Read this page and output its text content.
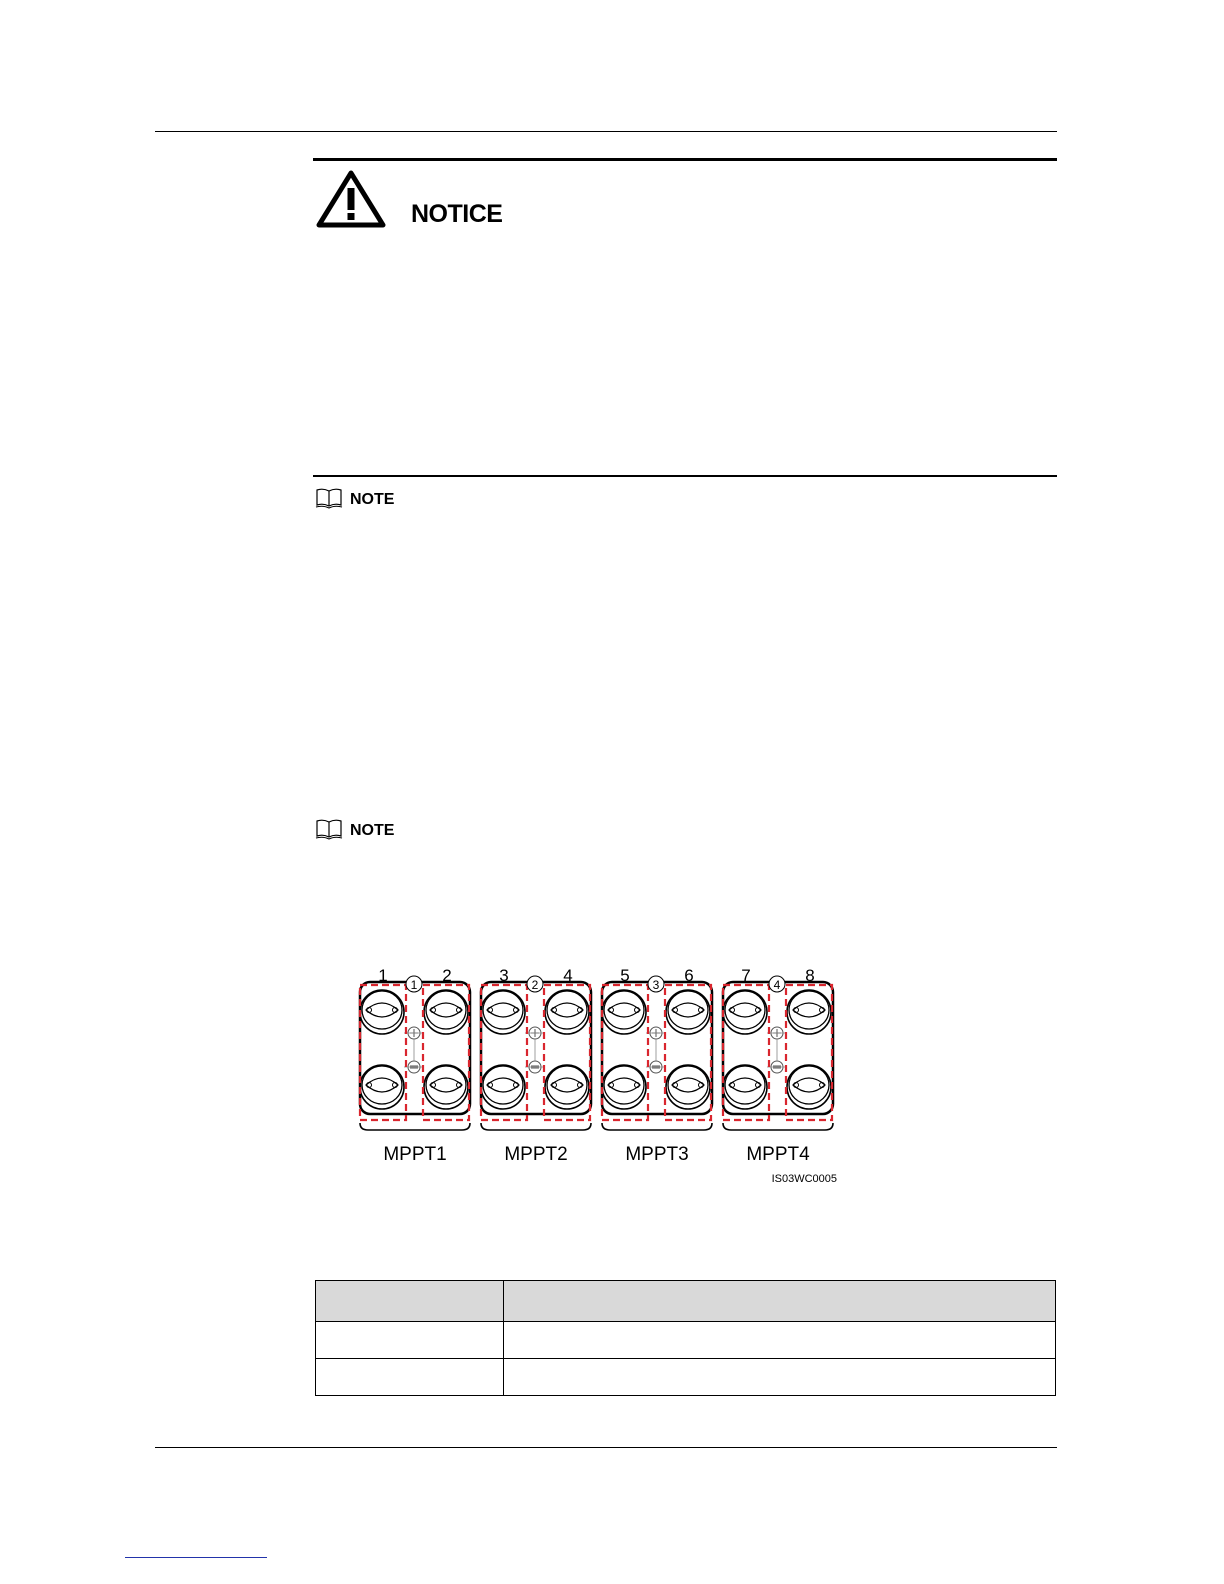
NOTICE
NOTE
NOTE
1	2
1
MPPT1
3	4
2
MPPT2
5	6
3
MPPT3
7	8
4
MPPT4
IS03WC0005
